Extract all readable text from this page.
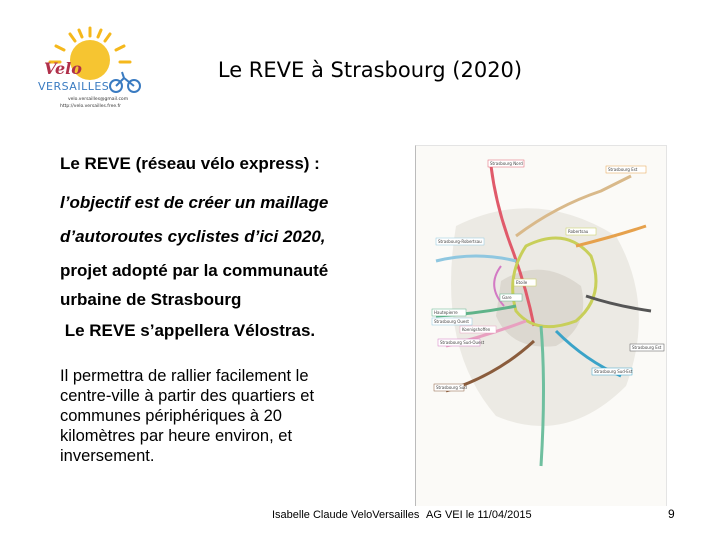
Velo
VERSAILLES
velo.versailles@gmail.com
http://velo.versailles.free.fr
Le REVE à Strasbourg (2020)
Le REVE (réseau vélo express) :
l’objectif est de créer un maillage
d’autoroutes cyclistes d’ici 2020,
projet adopté par la communauté
urbaine de Strasbourg
Le REVE s’appellera Vélostras.
Il permettra de rallier facilement le centre-ville à partir des quartiers et communes périphériques à 20 kilomètres par heure environ, et inversement.
Strasbourg Nord
Strasbourg Est
Strasbourg-Robertsau
Robertsau
Etoile
Gare
Hautepierre
Strasbourg Ouest
Koenigshoffen
Strasbourg Sud-Ouest
Strasbourg Est
Strasbourg Sud-Est
Strasbourg Sud
Isabelle Claude VeloVersailles AG VEI le 11/04/2015	9
